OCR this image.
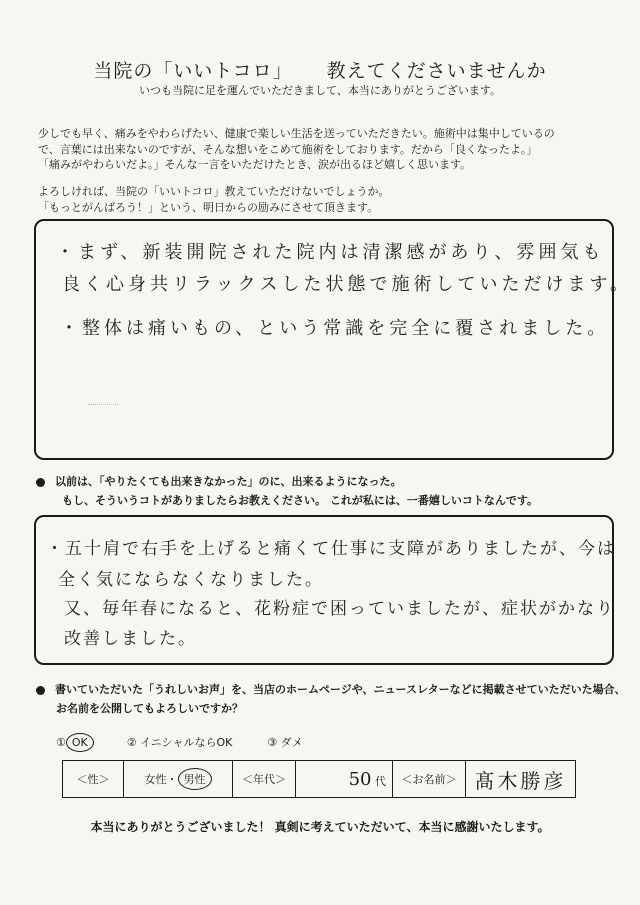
当院の「いいトコロ」 教えてくださいませんか
いつも当院に足を運んでいただきまして、本当にありがとうございます。
少しでも早く、痛みをやわらげたい、健康で楽しい生活を送っていただきたい。施術中は集中しているの
で、言葉には出来ないのですが、そんな想いをこめて施術をしております。だから「良くなったよ。」
「痛みがやわらいだよ。」そんな一言をいただけたとき、涙が出るほど嬉しく思います。
よろしければ、当院の「いいトコロ」教えていただけないでしょうか。
「もっとがんばろう！」という、明日からの励みにさせて頂きます。
・まず、新装開院された院内は清潔感があり、雰囲気も
良く心身共リラックスした状態で施術していただけます。
・整体は痛いもの、という常識を完全に覆されました。
以前は、「やりたくても出来きなかった」のに、出来るようになった。
もし、そういうコトがありましたらお教えください。 これが私には、一番嬉しいコトなんです。
・五十肩で右手を上げると痛くて仕事に支障がありましたが、今は
全く気にならなくなりました。
又、毎年春になると、花粉症で困っていましたが、症状がかなり
改善しました。
書いていただいた「うれしいお声」を、当店のホームページや、ニュースレターなどに掲載させていただいた場合、
お名前を公開してもよろしいですか？
① OK	② イニシャルならOK	③ ダメ
＜性＞	女性・ 男性	＜年代＞	50 代	＜お名前＞	髙木勝彦
本当にありがとうございました！ 真剣に考えていただいて、本当に感謝いたします。
